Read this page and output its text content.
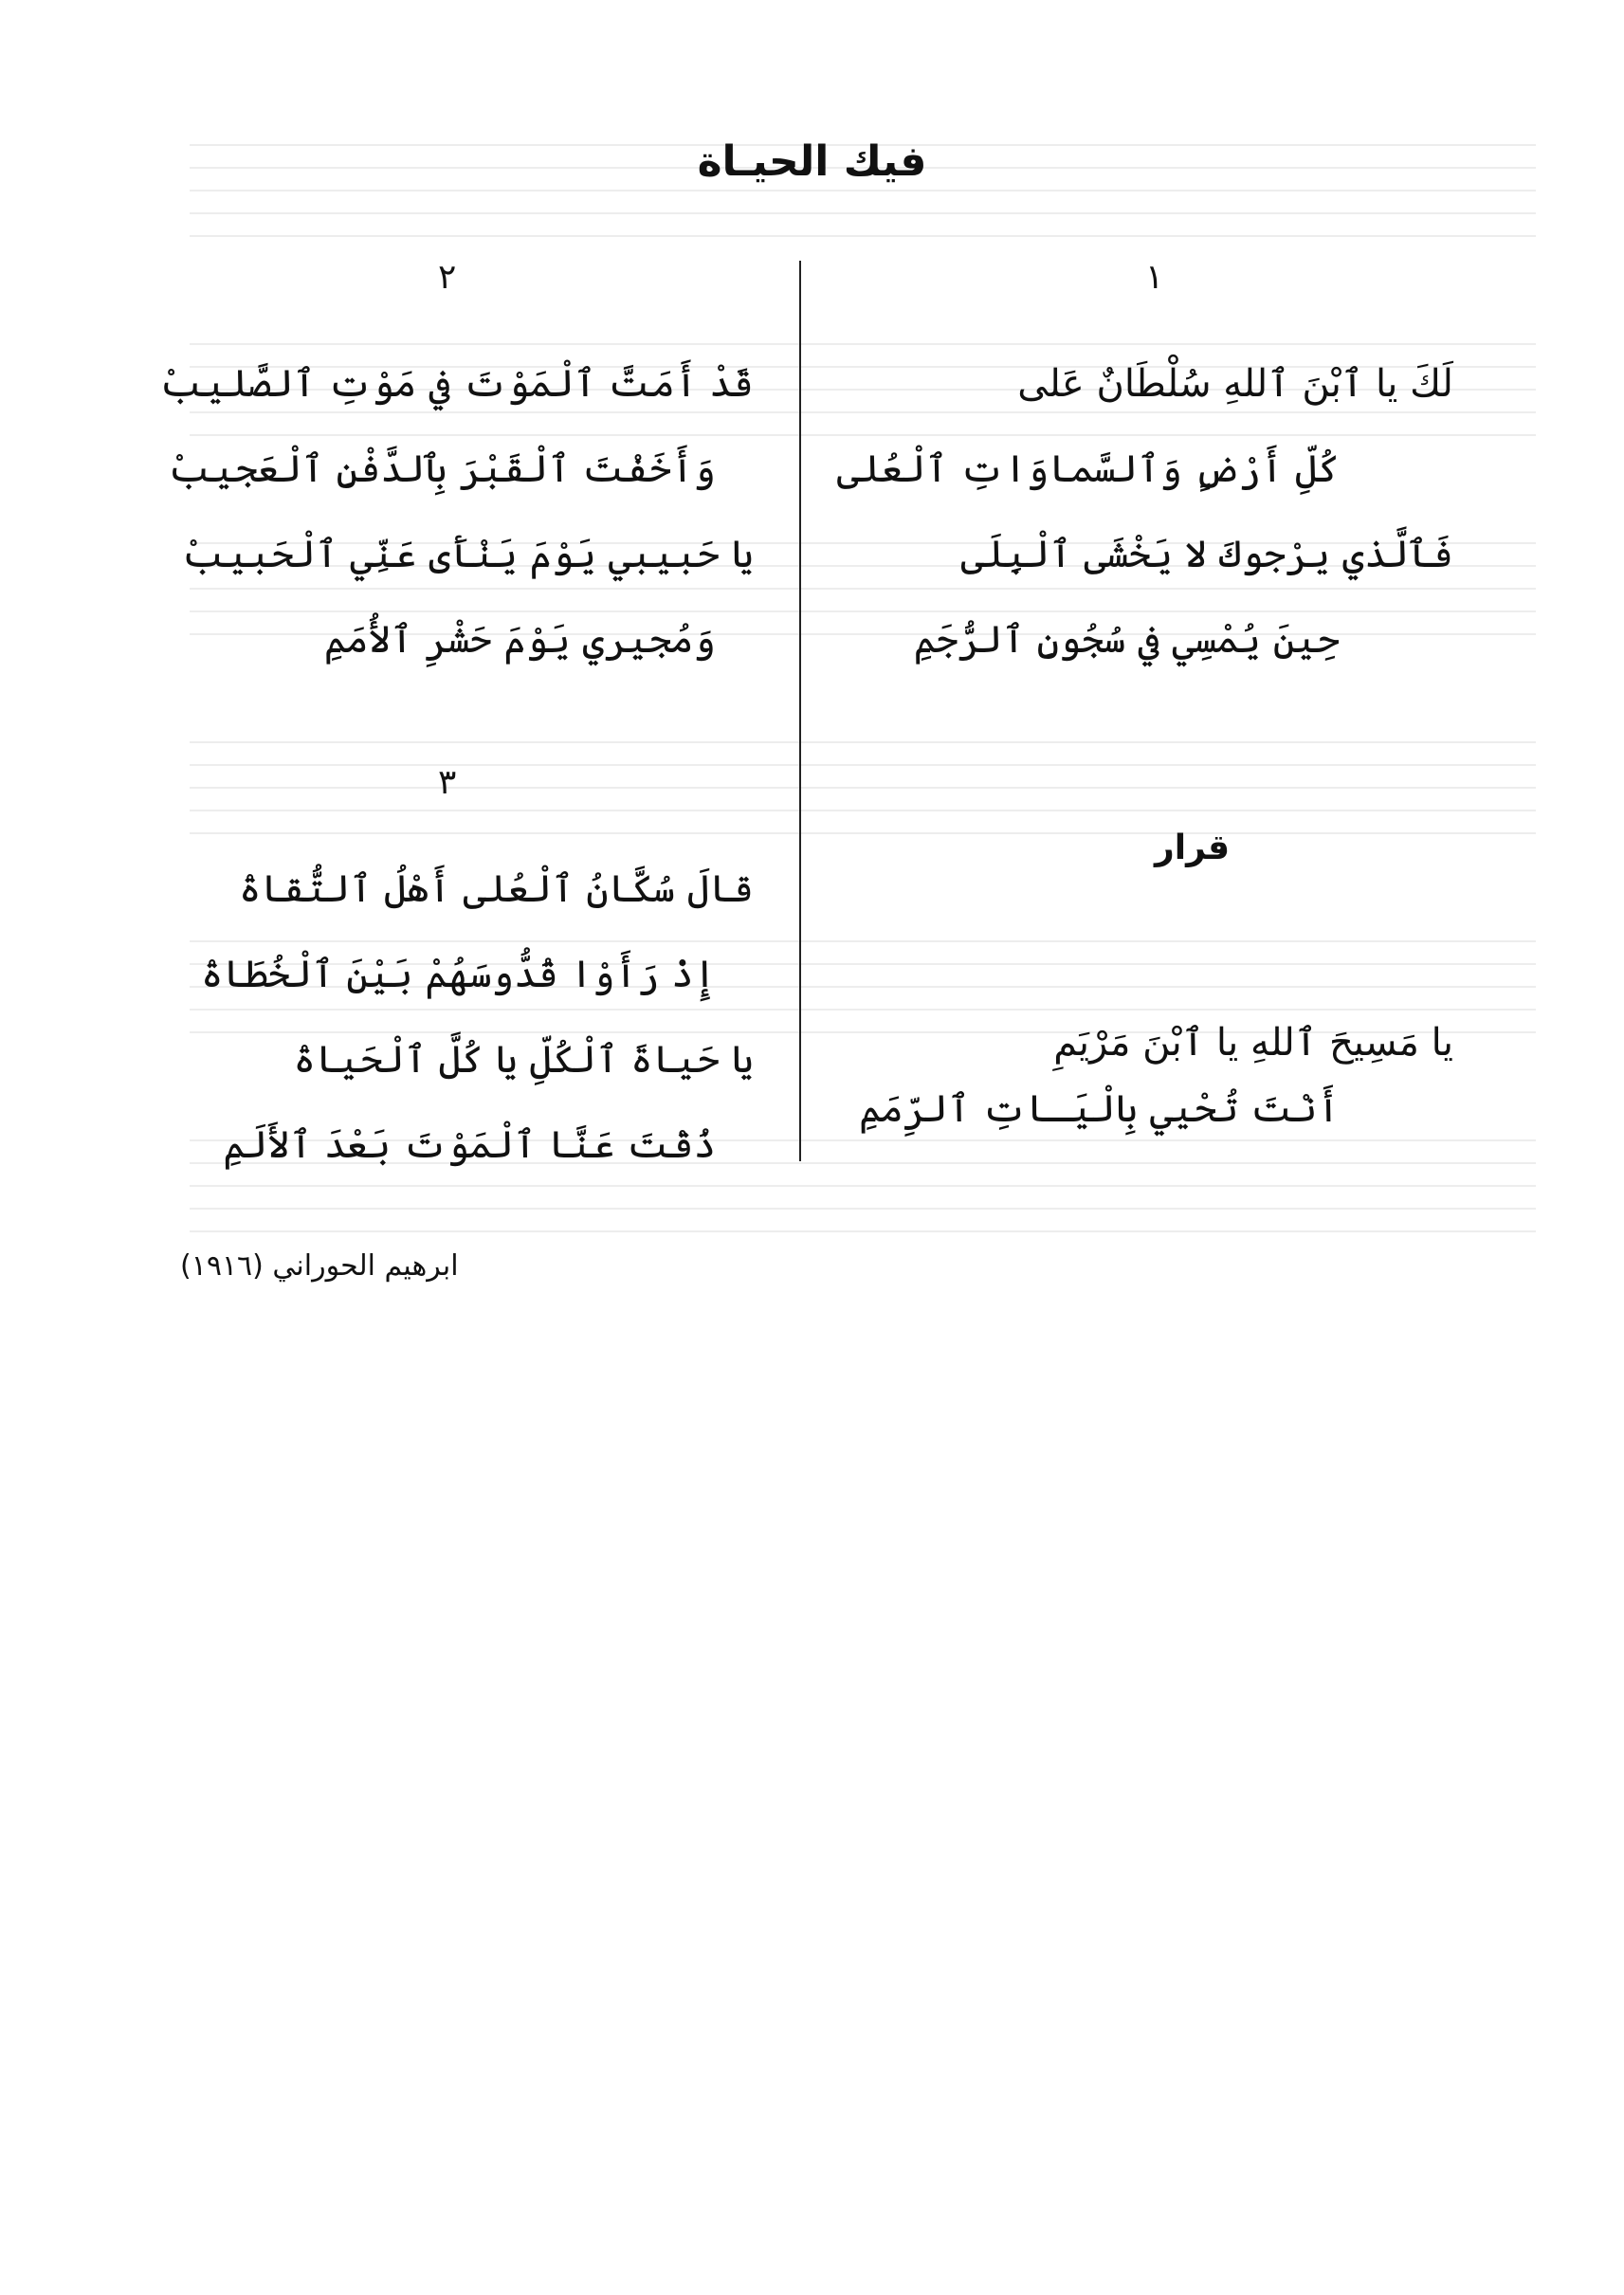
فيك الحيـاة
١
لَكَ يا ٱبْنَ ٱللهِ سُلْطَانٌ عَلى
كُلِّ أَرْضٍ وَٱلسَّماوَاتِ ٱلْعُلى
فَٱلَّذي يرْجوكَ لا يَخْشَى ٱلْبِلَى
حِينَ يُمْسِي في سُجُونِ ٱلرُّجَمِ
قرار
يا مَسِيحَ ٱللهِ يا ٱبْنَ مَرْيَمِ
أَنْتَ تُحْيي بِالْيَـاتِ ٱلرِّمَمِ
٢
قَدْ أَمَتَّ ٱلْمَوْتَ في مَوْتِ ٱلصَّليبْ
وَأَخَفْتَ ٱلْقَبْرَ بِٱلدَّفْنِ ٱلْعَجيبْ
يا حَبيبي يَوْمَ يَنْأَى عَنِّي ٱلْحَبيبْ
وَمُجيري يَوْمَ حَشْرِ ٱلأُمَمِ
٣
قالَ سُكَّانُ ٱلْعُلى أَهْلُ ٱلتُّقاةْ
إِذْ رَأَوْا قُدُّوسَهُمْ بَيْنَ ٱلْخُطَاةْ
يا حَياةَ ٱلْكُلِّ يا كُلَّ ٱلْحَياةْ
ذُقْتَ عَنَّا ٱلْمَوْتَ بَعْدَ ٱلأَلَمِ
ابرهيم الحوراني (١٩١٦)
